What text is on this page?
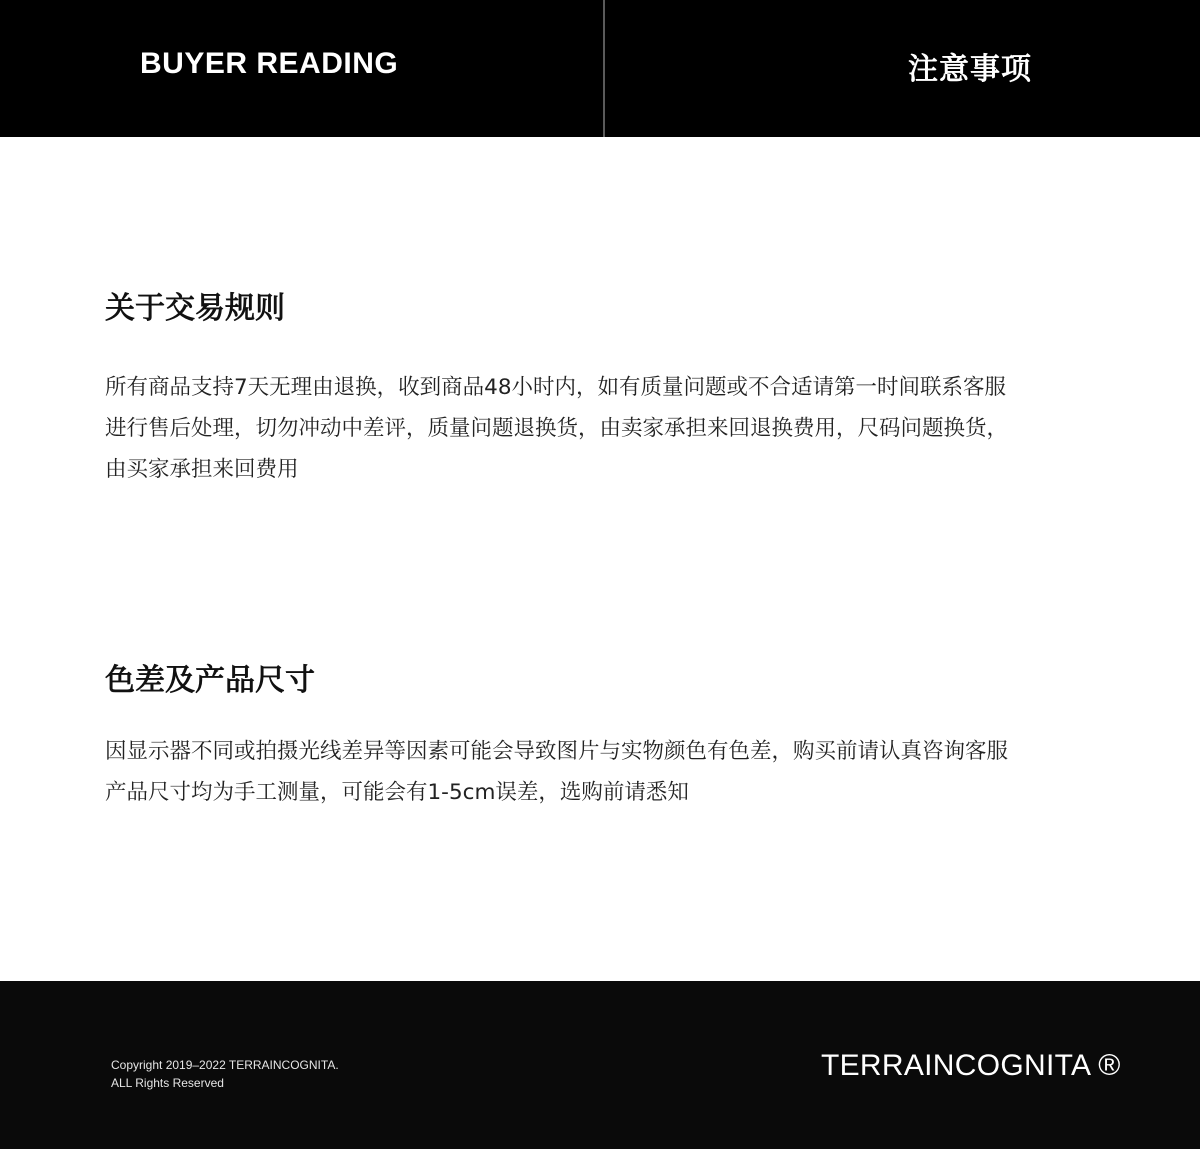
BUYER READING	注意事项
关于交易规则

所有商品支持7天无理由退换，收到商品48小时内，如有质量问题或不合适请第一时间联系客服

进行售后处理，切勿冲动中差评，质量问题退换货，由卖家承担来回退换费用，尺码问题换货，

由买家承担来回费用

色差及产品尺寸

因显示器不同或拍摄光线差异等因素可能会导致图片与实物颜色有色差，购买前请认真咨询客服

产品尺寸均为手工测量，可能会有1-5cm误差，选购前请悉知

Copyright 2019–2022 TERRAINCOGNITA.
ALL Rights Reserved
TERRAINCOGNITA ®
